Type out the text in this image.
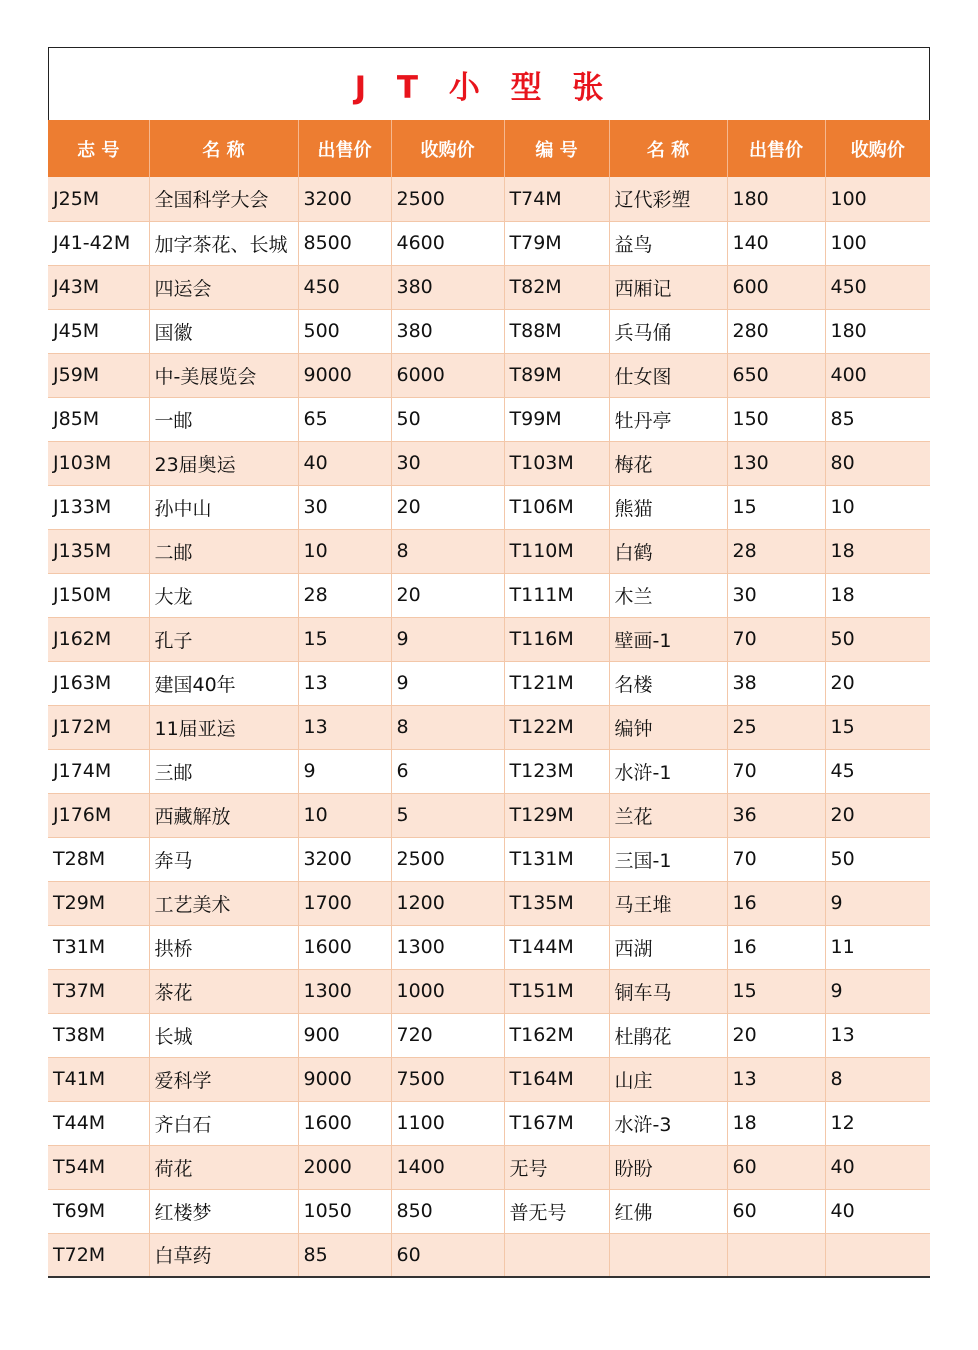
J T 小 型 张
志 号	名 称	出售价	收购价	编 号	名 称	出售价	收购价
J25M	全国科学大会	3200	2500	T74M	辽代彩塑	180	100
J41-42M	加字茶花、长城	8500	4600	T79M	益鸟	140	100
J43M	四运会	450	380	T82M	西厢记	600	450
J45M	国徽	500	380	T88M	兵马俑	280	180
J59M	中-美展览会	9000	6000	T89M	仕女图	650	400
J85M	一邮	65	50	T99M	牡丹亭	150	85
J103M	23届奥运	40	30	T103M	梅花	130	80
J133M	孙中山	30	20	T106M	熊猫	15	10
J135M	二邮	10	8	T110M	白鹤	28	18
J150M	大龙	28	20	T111M	木兰	30	18
J162M	孔子	15	9	T116M	壁画-1	70	50
J163M	建国40年	13	9	T121M	名楼	38	20
J172M	11届亚运	13	8	T122M	编钟	25	15
J174M	三邮	9	6	T123M	水浒-1	70	45
J176M	西藏解放	10	5	T129M	兰花	36	20
T28M	奔马	3200	2500	T131M	三国-1	70	50
T29M	工艺美术	1700	1200	T135M	马王堆	16	9
T31M	拱桥	1600	1300	T144M	西湖	16	11
T37M	茶花	1300	1000	T151M	铜车马	15	9
T38M	长城	900	720	T162M	杜鹃花	20	13
T41M	爱科学	9000	7500	T164M	山庄	13	8
T44M	齐白石	1600	1100	T167M	水浒-3	18	12
T54M	荷花	2000	1400	无号	盼盼	60	40
T69M	红楼梦	1050	850	普无号	红佛	60	40
T72M	白草药	85	60				
